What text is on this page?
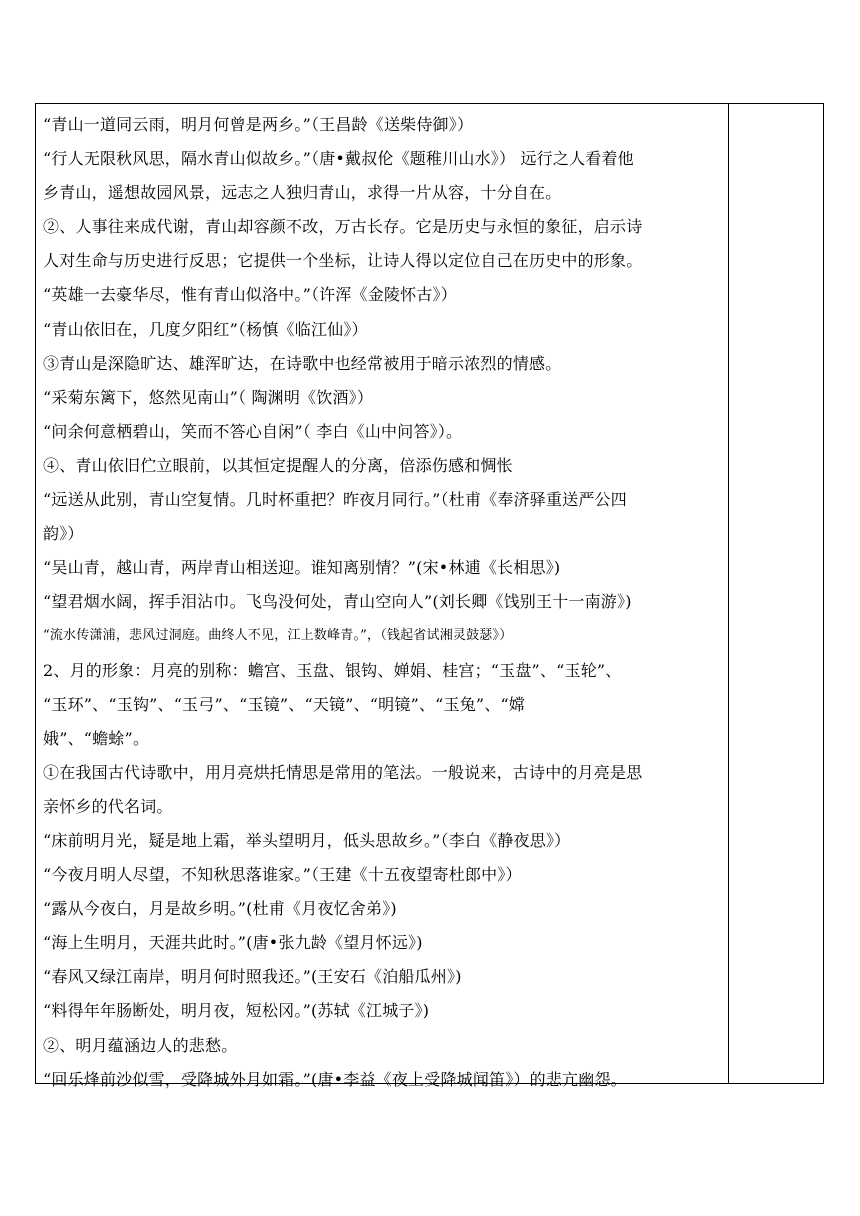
“青山一道同云雨，明月何曾是两乡。”（王昌龄《送柴侍御》）
“行人无限秋风思，隔水青山似故乡。”（唐•戴叔伦《题稚川山水》） 远行之人看着他
乡青山，遥想故园风景，远志之人独归青山，求得一片从容，十分自在。
②、人事往来成代谢，青山却容颜不改，万古长存。它是历史与永恒的象征，启示诗
人对生命与历史进行反思；它提供一个坐标，让诗人得以定位自己在历史中的形象。
“英雄一去豪华尽，惟有青山似洛中。”（许浑《金陵怀古》）
“青山依旧在，几度夕阳红”（杨慎《临江仙》）
③青山是深隐旷达、雄浑旷达，在诗歌中也经常被用于暗示浓烈的情感。
“采菊东篱下，悠然见南山”（ 陶渊明《饮酒》）
“问余何意栖碧山，笑而不答心自闲”（ 李白《山中问答》）。
④、青山依旧伫立眼前，以其恒定提醒人的分离，倍添伤感和惆怅
“远送从此别，青山空复情。几时杯重把？昨夜月同行。”（杜甫《奉济驿重送严公四
韵》）
“吴山青，越山青，两岸青山相送迎。谁知离别情？”(宋•林逋《长相思》)
“望君烟水阔，挥手泪沾巾。飞鸟没何处，青山空向人”(刘长卿《饯别王十一南游》)
“流水传潇浦，悲风过洞庭。曲终人不见，江上数峰青。”，（钱起省试湘灵鼓瑟》）
2、月的形象：月亮的别称：蟾宫、玉盘、银钩、婵娟、桂宫；“玉盘”、“玉轮”、
“玉环”、“玉钩”、“玉弓”、“玉镜”、“天镜”、“明镜”、“玉兔”、“嫦
娥”、“蟾蜍”。
①在我国古代诗歌中，用月亮烘托情思是常用的笔法。一般说来，古诗中的月亮是思
亲怀乡的代名词。
“床前明月光，疑是地上霜，举头望明月，低头思故乡。”（李白《静夜思》）
“今夜月明人尽望，不知秋思落谁家。”（王建《十五夜望寄杜郎中》）
“露从今夜白，月是故乡明。”(杜甫《月夜忆舍弟》)
“海上生明月，天涯共此时。”(唐•张九龄《望月怀远》)
“春风又绿江南岸，明月何时照我还。”(王安石《泊船瓜州》)
“料得年年肠断处，明月夜，短松冈。”(苏轼《江城子》)
②、明月蕴涵边人的悲愁。
“回乐烽前沙似雪，受降城外月如霜。”(唐•李益《夜上受降城闻笛》）的悲亢幽怨。
